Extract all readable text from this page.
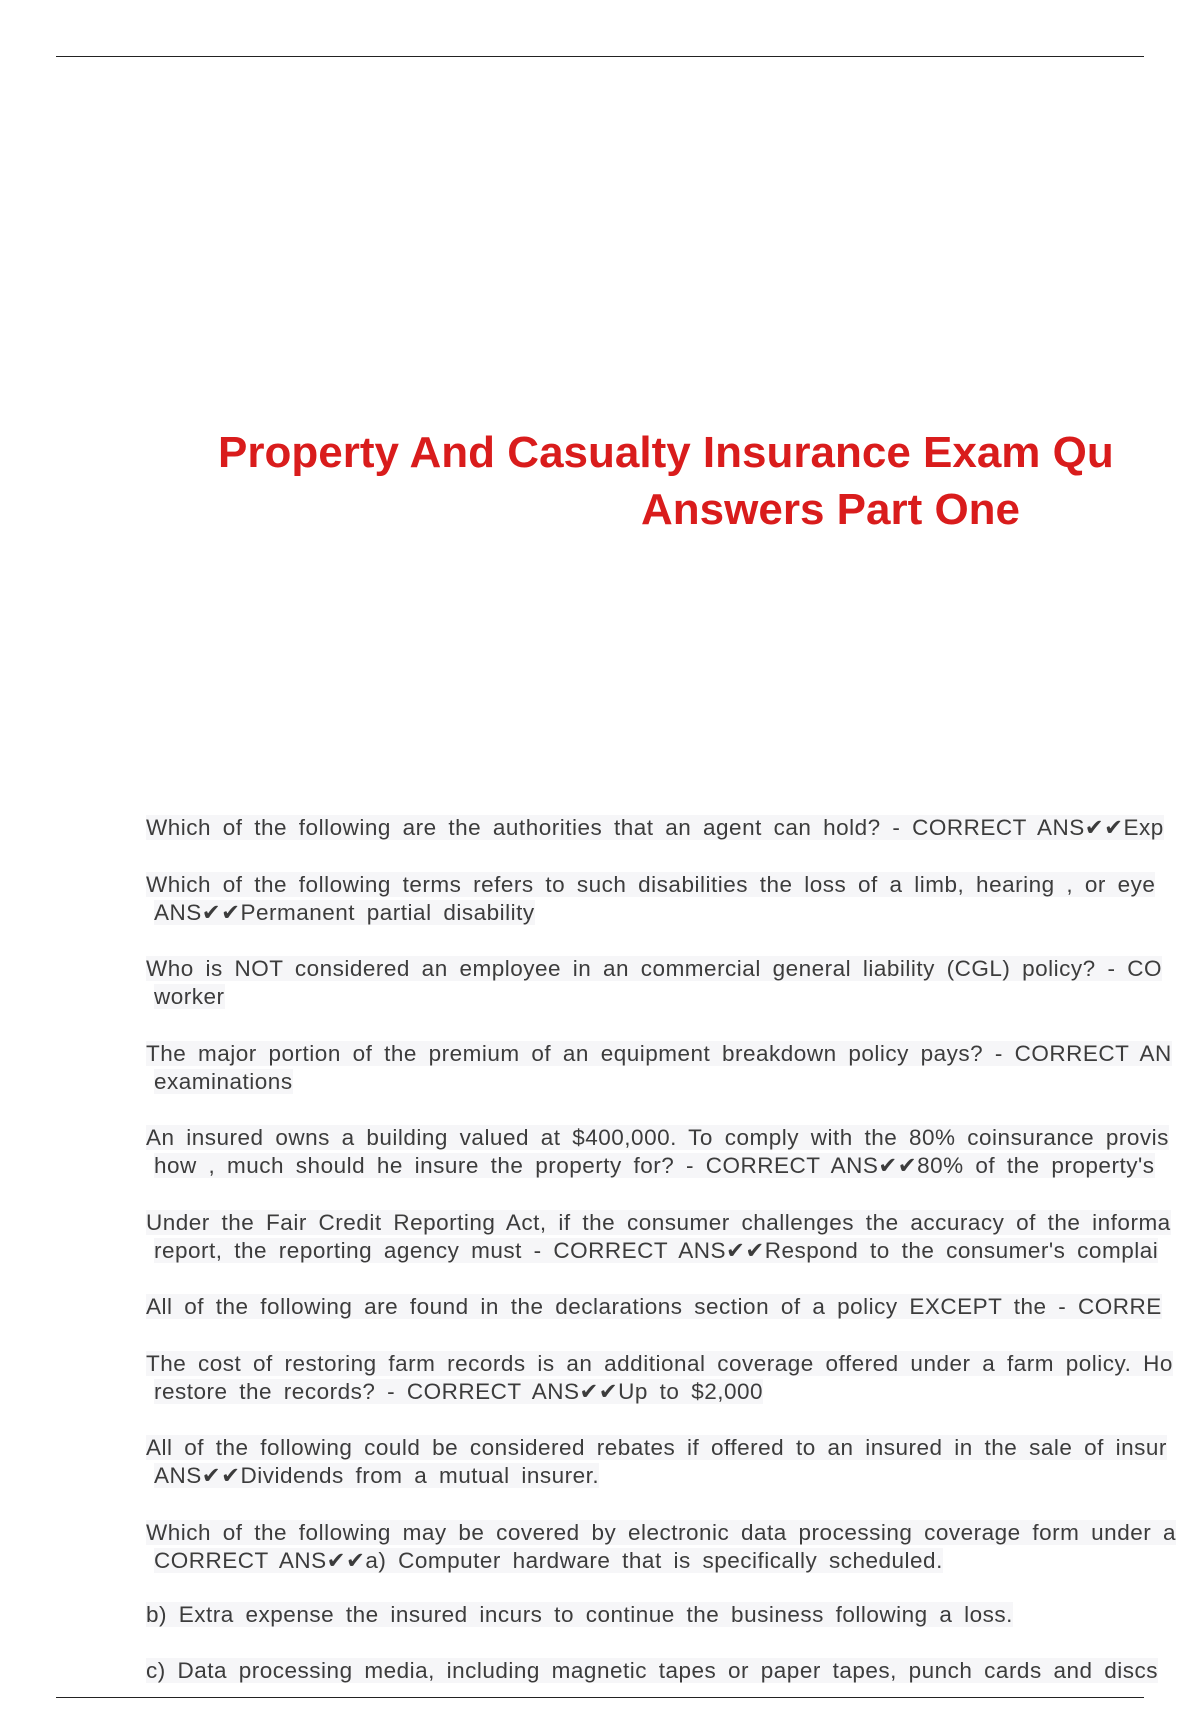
Property And Casualty Insurance Exam Qu
Answers Part One
Which of the following are the authorities that an agent can hold? - CORRECT ANS✔✔Exp
Which of the following terms refers to such disabilities the loss of a limb, hearing , or eye
ANS✔✔Permanent partial disability
Who is NOT considered an employee in an commercial general liability (CGL) policy? - CO
worker
The major portion of the premium of an equipment breakdown policy pays? - CORRECT AN
examinations
An insured owns a building valued at $400,000. To comply with the 80% coinsurance provis
how , much should he insure the property for? - CORRECT ANS✔✔80% of the property's
Under the Fair Credit Reporting Act, if the consumer challenges the accuracy of the informa
report, the reporting agency must - CORRECT ANS✔✔Respond to the consumer's complai
All of the following are found in the declarations section of a policy EXCEPT the - CORRE
The cost of restoring farm records is an additional coverage offered under a farm policy. Ho
restore the records? - CORRECT ANS✔✔Up to $2,000
All of the following could be considered rebates if offered to an insured in the sale of insur
ANS✔✔Dividends from a mutual insurer.
Which of the following may be covered by electronic data processing coverage form under a
CORRECT ANS✔✔a) Computer hardware that is specifically scheduled.
b) Extra expense the insured incurs to continue the business following a loss.
c) Data processing media, including magnetic tapes or paper tapes, punch cards and discs
